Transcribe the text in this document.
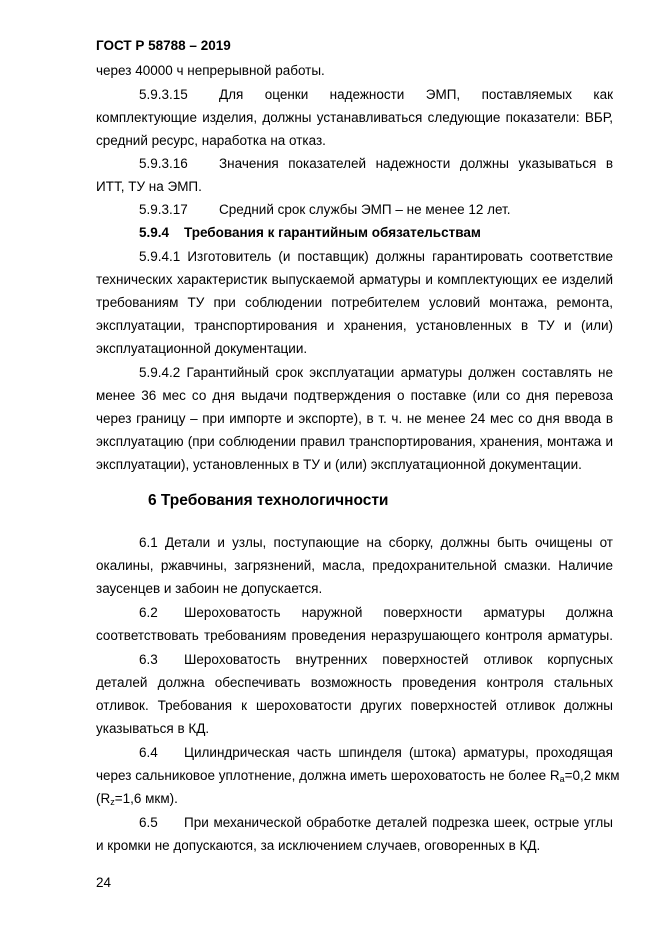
ГОСТ Р 58788 – 2019
через 40000 ч непрерывной работы.
5.9.3.15 Для оценки надежности ЭМП, поставляемых как
комплектующие изделия, должны устанавливаться следующие показатели: ВБР,
средний ресурс, наработка на отказ.
5.9.3.16 Значения показателей надежности должны указываться в
ИТТ, ТУ на ЭМП.
5.9.3.17 Средний срок службы ЭМП – не менее 12 лет.
5.9.4 Требования к гарантийным обязательствам
5.9.4.1 Изготовитель (и поставщик) должны гарантировать соответствие
технических характеристик выпускаемой арматуры и комплектующих ее изделий
требованиям ТУ при соблюдении потребителем условий монтажа, ремонта,
эксплуатации, транспортирования и хранения, установленных в ТУ и (или)
эксплуатационной документации.
5.9.4.2 Гарантийный срок эксплуатации арматуры должен составлять не
менее 36 мес со дня выдачи подтверждения о поставке (или со дня перевоза
через границу – при импорте и экспорте), в т. ч. не менее 24 мес со дня ввода в
эксплуатацию (при соблюдении правил транспортирования, хранения, монтажа и
эксплуатации), установленных в ТУ и (или) эксплуатационной документации.
6 Требования технологичности
6.1 Детали и узлы, поступающие на сборку, должны быть очищены от
окалины, ржавчины, загрязнений, масла, предохранительной смазки. Наличие
заусенцев и забоин не допускается.
6.2 Шероховатость наружной поверхности арматуры должна
соответствовать требованиям проведения неразрушающего контроля арматуры.
6.3 Шероховатость внутренних поверхностей отливок корпусных
деталей должна обеспечивать возможность проведения контроля стальных
отливок. Требования к шероховатости других поверхностей отливок должны
указываться в КД.
6.4 Цилиндрическая часть шпинделя (штока) арматуры, проходящая
через сальниковое уплотнение, должна иметь шероховатость не более $R_a=0,2$ мкм
($R_z=1,6$ мкм).
6.5 При механической обработке деталей подрезка шеек, острые углы
и кромки не допускаются, за исключением случаев, оговоренных в КД.
24
